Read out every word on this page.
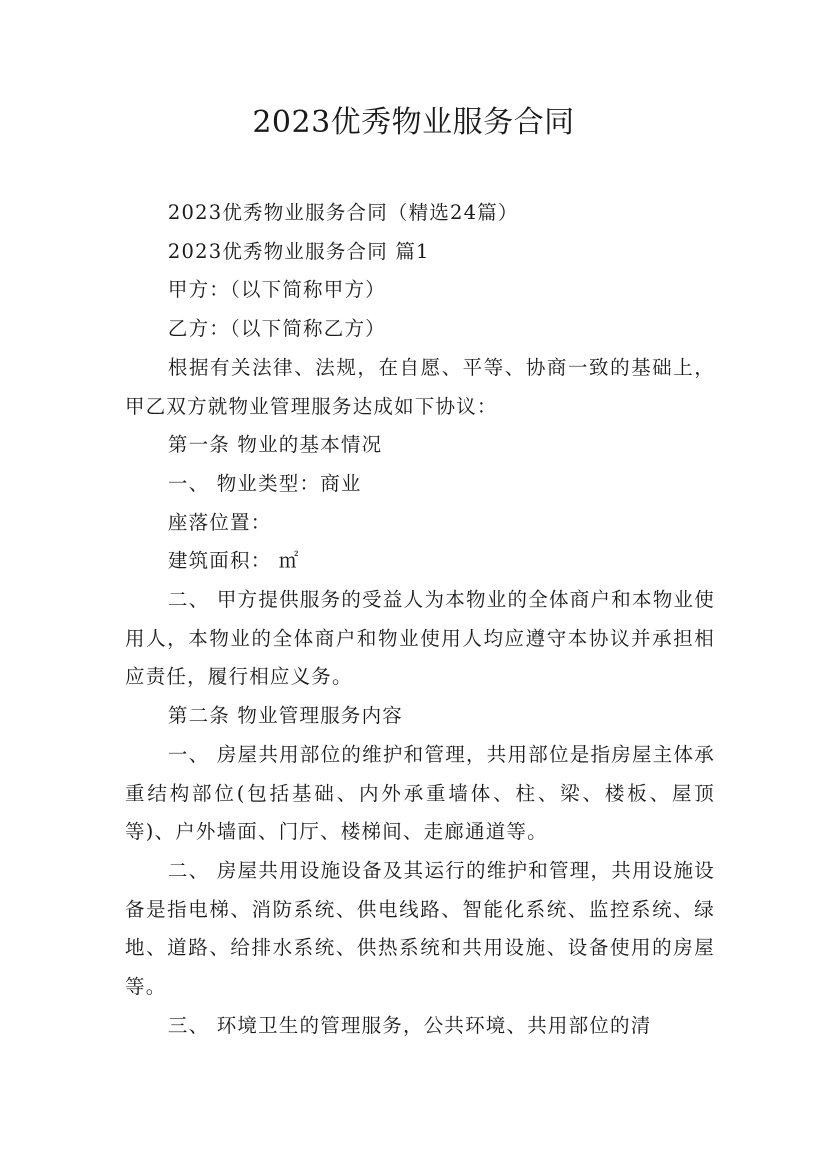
2023优秀物业服务合同

2023优秀物业服务合同（精选24篇）

2023优秀物业服务合同 篇1

甲方：（以下简称甲方）

乙方：（以下简称乙方）

根据有关法律、法规，在自愿、平等、协商一致的基础上，甲乙双方就物业管理服务达成如下协议：

第一条 物业的基本情况

一、 物业类型：商业

座落位置：

建筑面积： ㎡

二、 甲方提供服务的受益人为本物业的全体商户和本物业使用人，本物业的全体商户和物业使用人均应遵守本协议并承担相应责任，履行相应义务。

第二条 物业管理服务内容

一、 房屋共用部位的维护和管理，共用部位是指房屋主体承重结构部位(包括基础、内外承重墙体、柱、梁、楼板、屋顶等)、户外墙面、门厅、楼梯间、走廊通道等。

二、 房屋共用设施设备及其运行的维护和管理，共用设施设备是指电梯、消防系统、供电线路、智能化系统、监控系统、绿地、道路、给排水系统、供热系统和共用设施、设备使用的房屋等。

三、 环境卫生的管理服务，公共环境、共用部位的清
